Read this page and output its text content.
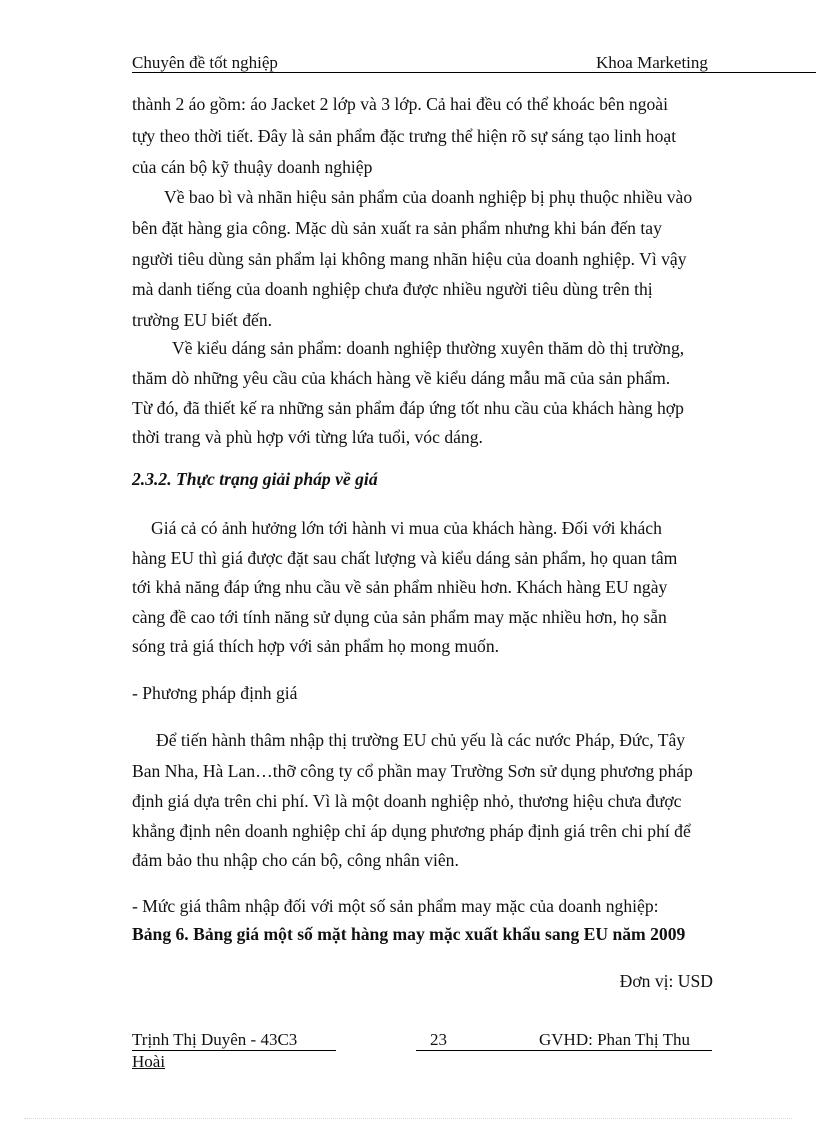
Chuyên đề tốt nghiệp	Khoa Marketing
thành 2 áo gồm: áo Jacket 2 lớp và 3 lớp. Cả hai đều có thể khoác bên ngoài
tựy theo thời tiết. Đây là sản phẩm đặc trưng thể hiện rõ sự sáng tạo linh hoạt
của cán bộ kỹ thuậy doanh nghiệp
Về bao bì và nhãn hiệu sản phẩm của doanh nghiệp bị phụ thuộc nhiều vào
bên đặt hàng gia công. Mặc dù sản xuất ra sản phẩm nhưng khi bán đến tay
người tiêu dùng sản phẩm lại không mang nhãn hiệu của doanh nghiệp. Vì vậy
mà danh tiếng của doanh nghiệp chưa được nhiều người tiêu dùng trên thị
trường EU biết đến.
Về kiểu dáng sản phẩm: doanh nghiệp thường xuyên thăm dò thị trường,
thăm dò những yêu cầu của khách hàng về kiểu dáng mẫu mã của sản phẩm.
Từ đó, đã thiết kế ra những sản phẩm đáp ứng tốt nhu cầu của khách hàng hợp
thời trang và phù hợp với từng lứa tuổi, vóc dáng.
2.3.2. Thực trạng giải pháp về giá
Giá cả có ảnh hưởng lớn tới hành vi mua của khách hàng. Đối với khách
hàng EU thì giá được đặt sau chất lượng và kiểu dáng sản phẩm, họ quan tâm
tới khả năng đáp ứng nhu cầu về sản phẩm nhiều hơn. Khách hàng EU ngày
càng đề cao tới tính năng sử dụng của sản phẩm may mặc nhiều hơn, họ sẵn
sóng trả giá thích hợp với sản phẩm họ mong muốn.
- Phương pháp định giá
Để tiến hành thâm nhập thị trường EU chủ yếu là các nước Pháp, Đức, Tây
Ban Nha, Hà Lan…thỡ công ty cổ phần may Trường Sơn sử dụng phương pháp
định giá dựa trên chi phí. Vì là một doanh nghiệp nhỏ, thương hiệu chưa được
khẳng định nên doanh nghiệp chỉ áp dụng phương pháp định giá trên chi phí để
đảm bảo thu nhập cho cán bộ, công nhân viên.
- Mức giá thâm nhập đối với một số sản phẩm may mặc của doanh nghiệp:
Bảng 6. Bảng giá một số mặt hàng may mặc xuất khẩu sang EU năm 2009
Đơn vị: USD
Trịnh Thị Duyên - 43C3	23	GVHD: Phan Thị Thu
Hoài
